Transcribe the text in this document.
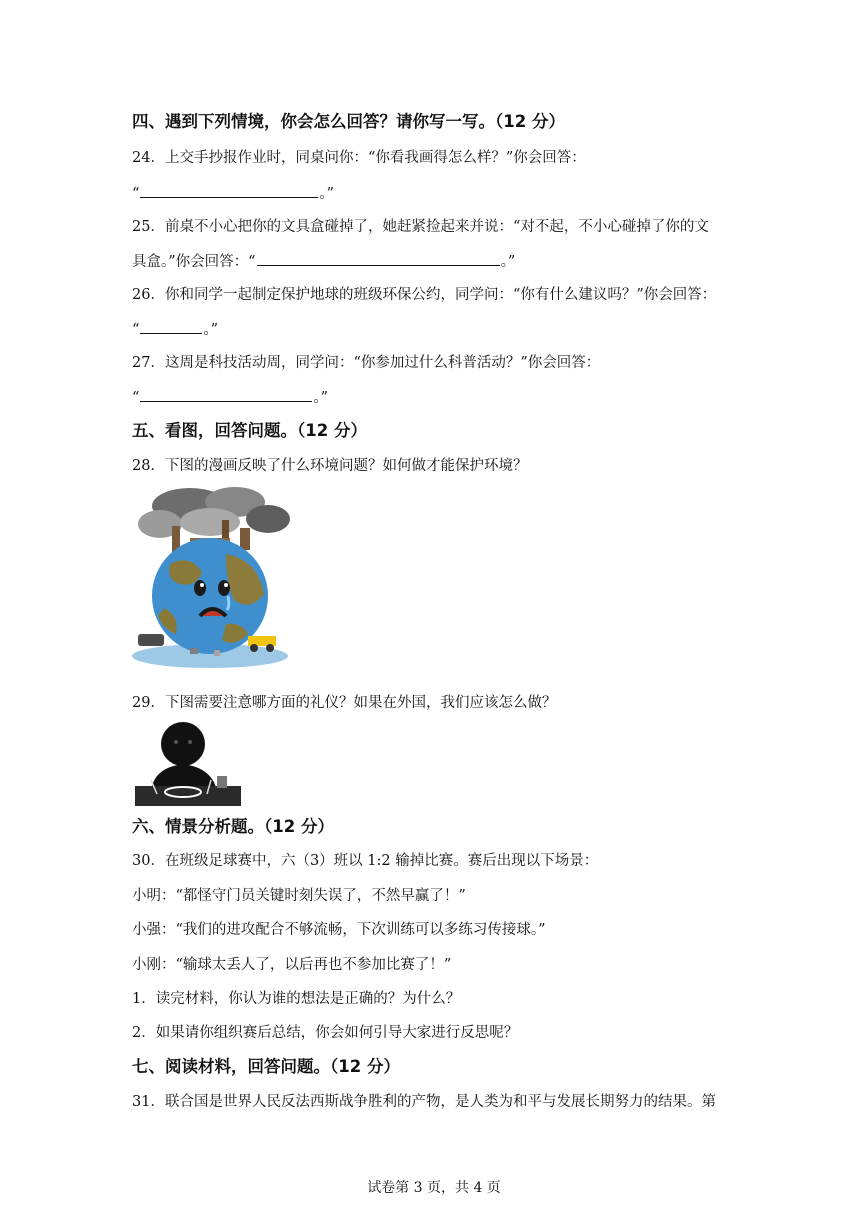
四、遇到下列情境，你会怎么回答？请你写一写。（12 分）
24．上交手抄报作业时，同桌问你：“你看我画得怎么样？”你会回答：
“	。”
25．前桌不小心把你的文具盒碰掉了，她赶紧捡起来并说：“对不起，不小心碰掉了你的文
具盒。”你会回答：“	。”
26．你和同学一起制定保护地球的班级环保公约，同学问：“你有什么建议吗？”你会回答：
“	。”
27．这周是科技活动周，同学问：“你参加过什么科普活动？”你会回答：
“	。”
五、看图，回答问题。（12 分）
28．下图的漫画反映了什么环境问题？如何做才能保护环境？
29．下图需要注意哪方面的礼仪？如果在外国，我们应该怎么做？
六、情景分析题。（12 分）
30．在班级足球赛中，六（3）班以 1:2 输掉比赛。赛后出现以下场景：
小明：“都怪守门员关键时刻失误了，不然早赢了！”
小强：“我们的进攻配合不够流畅，下次训练可以多练习传接球。”
小刚：“输球太丢人了，以后再也不参加比赛了！”
1．读完材料，你认为谁的想法是正确的？为什么？
2．如果请你组织赛后总结，你会如何引导大家进行反思呢？
七、阅读材料，回答问题。（12 分）
31．联合国是世界人民反法西斯战争胜利的产物，是人类为和平与发展长期努力的结果。第
试卷第 3 页，共 4 页
